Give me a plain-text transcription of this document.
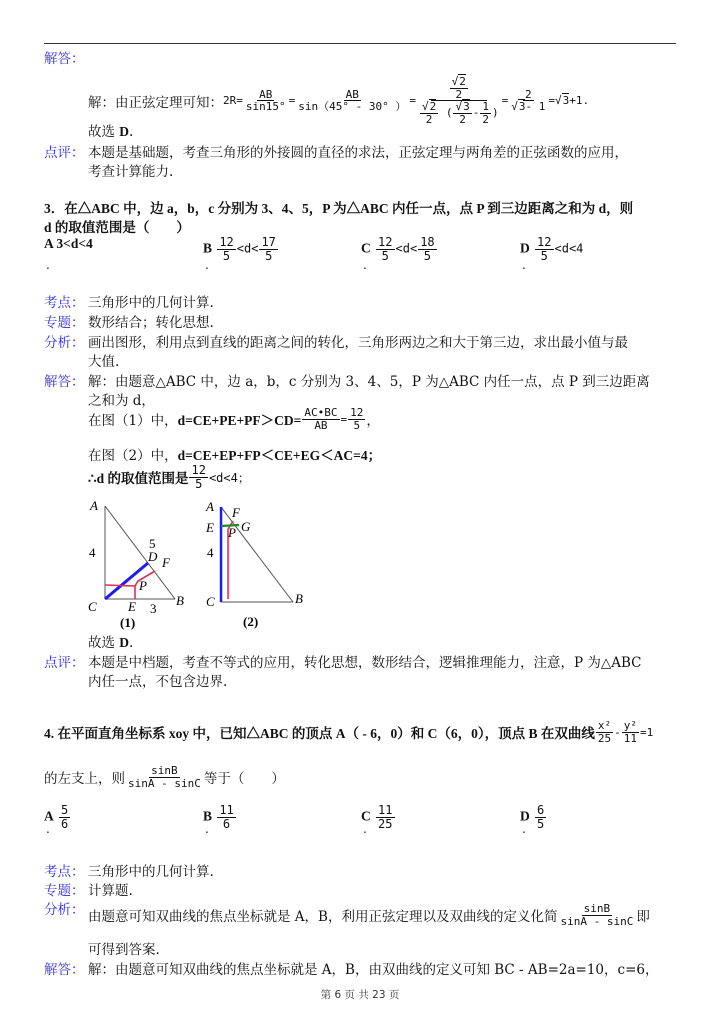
解答：
解：由正弦定理可知： $2R= \frac{AB}{\sin 15^\circ} = \frac{AB}{\sin(45^\circ - 30^\circ )} = \frac{\frac{√2}{2}}{\frac{√2}{2} ( \frac{√3}{2} - \frac{1}{2} )} = \frac{2}{√3- 1} =√3+1$.
故选 D.
点评： 本题是基础题，考查三角形的外接圆的直径的求法，正弦定理与两角差的正弦函数的应用，
考查计算能力.
3．在△ABC 中，边 a，b，c 分别为 3、4、5，P 为△ABC 内任一点，点 P 到三边距离之和为 d，则
d 的取值范围是（　　）
A 3<d<4
.
B $\frac{12}{5} <d< \frac{17}{5}$
.
C $\frac{12}{5} <d< \frac{18}{5}$
.
D $\frac{12}{5} <d<4$
.
考点： 三角形中的几何计算.
专题： 数形结合；转化思想.
分析： 画出图形，利用点到直线的距离之间的转化，三角形两边之和大于第三边，求出最小值与最
大值.
解答： 解：由题意△ABC 中，边 a，b，c 分别为 3、4、5，P 为△ABC 内任一点，点 P 到三边距离
之和为 d，
在图（1）中， $d=CE+PE+PF>CD= \frac{AC•BC}{AB} = \frac{12}{5}$ ，
在图（2）中，d=CE+EP+FP＜CE+EG＜AC=4；
∴d 的取值范围是 $\frac{12}{5} <d<4$；
A
4
5
D F
P
C E 3
B
(1)
A F
E G
P
4
C	B
(2)
故选 D.
点评： 本题是中档题，考查不等式的应用，转化思想，数形结合，逻辑推理能力，注意，P 为△ABC
内任一点，不包含边界.
4. 在平面直角坐标系 xoy 中，已知△ABC 的顶点 A（ - 6，0）和 C（6，0），顶点 B 在双曲线 $\frac{\text{x²}}{25} - \frac{\text{y²}}{11} =1$
的左支上，则 $\frac{\sin B}{\sin A - \sin C}$ 等于（　　）
A $\frac{5}{6}$
.
B $\frac{11}{6}$
.
C $\frac{11}{25}$
.
D $\frac{6}{5}$
.
考点： 三角形中的几何计算.
专题： 计算题.
分析： 由题意可知双曲线的焦点坐标就是 A，B，利用正弦定理以及双曲线的定义化简 $\frac{\sin B}{\sin A - \sin C}$ 即
可得到答案.
解答： 解：由题意可知双曲线的焦点坐标就是 A，B，由双曲线的定义可知 BC - AB=2a=10，c=6，
第 6 页 共 23 页
